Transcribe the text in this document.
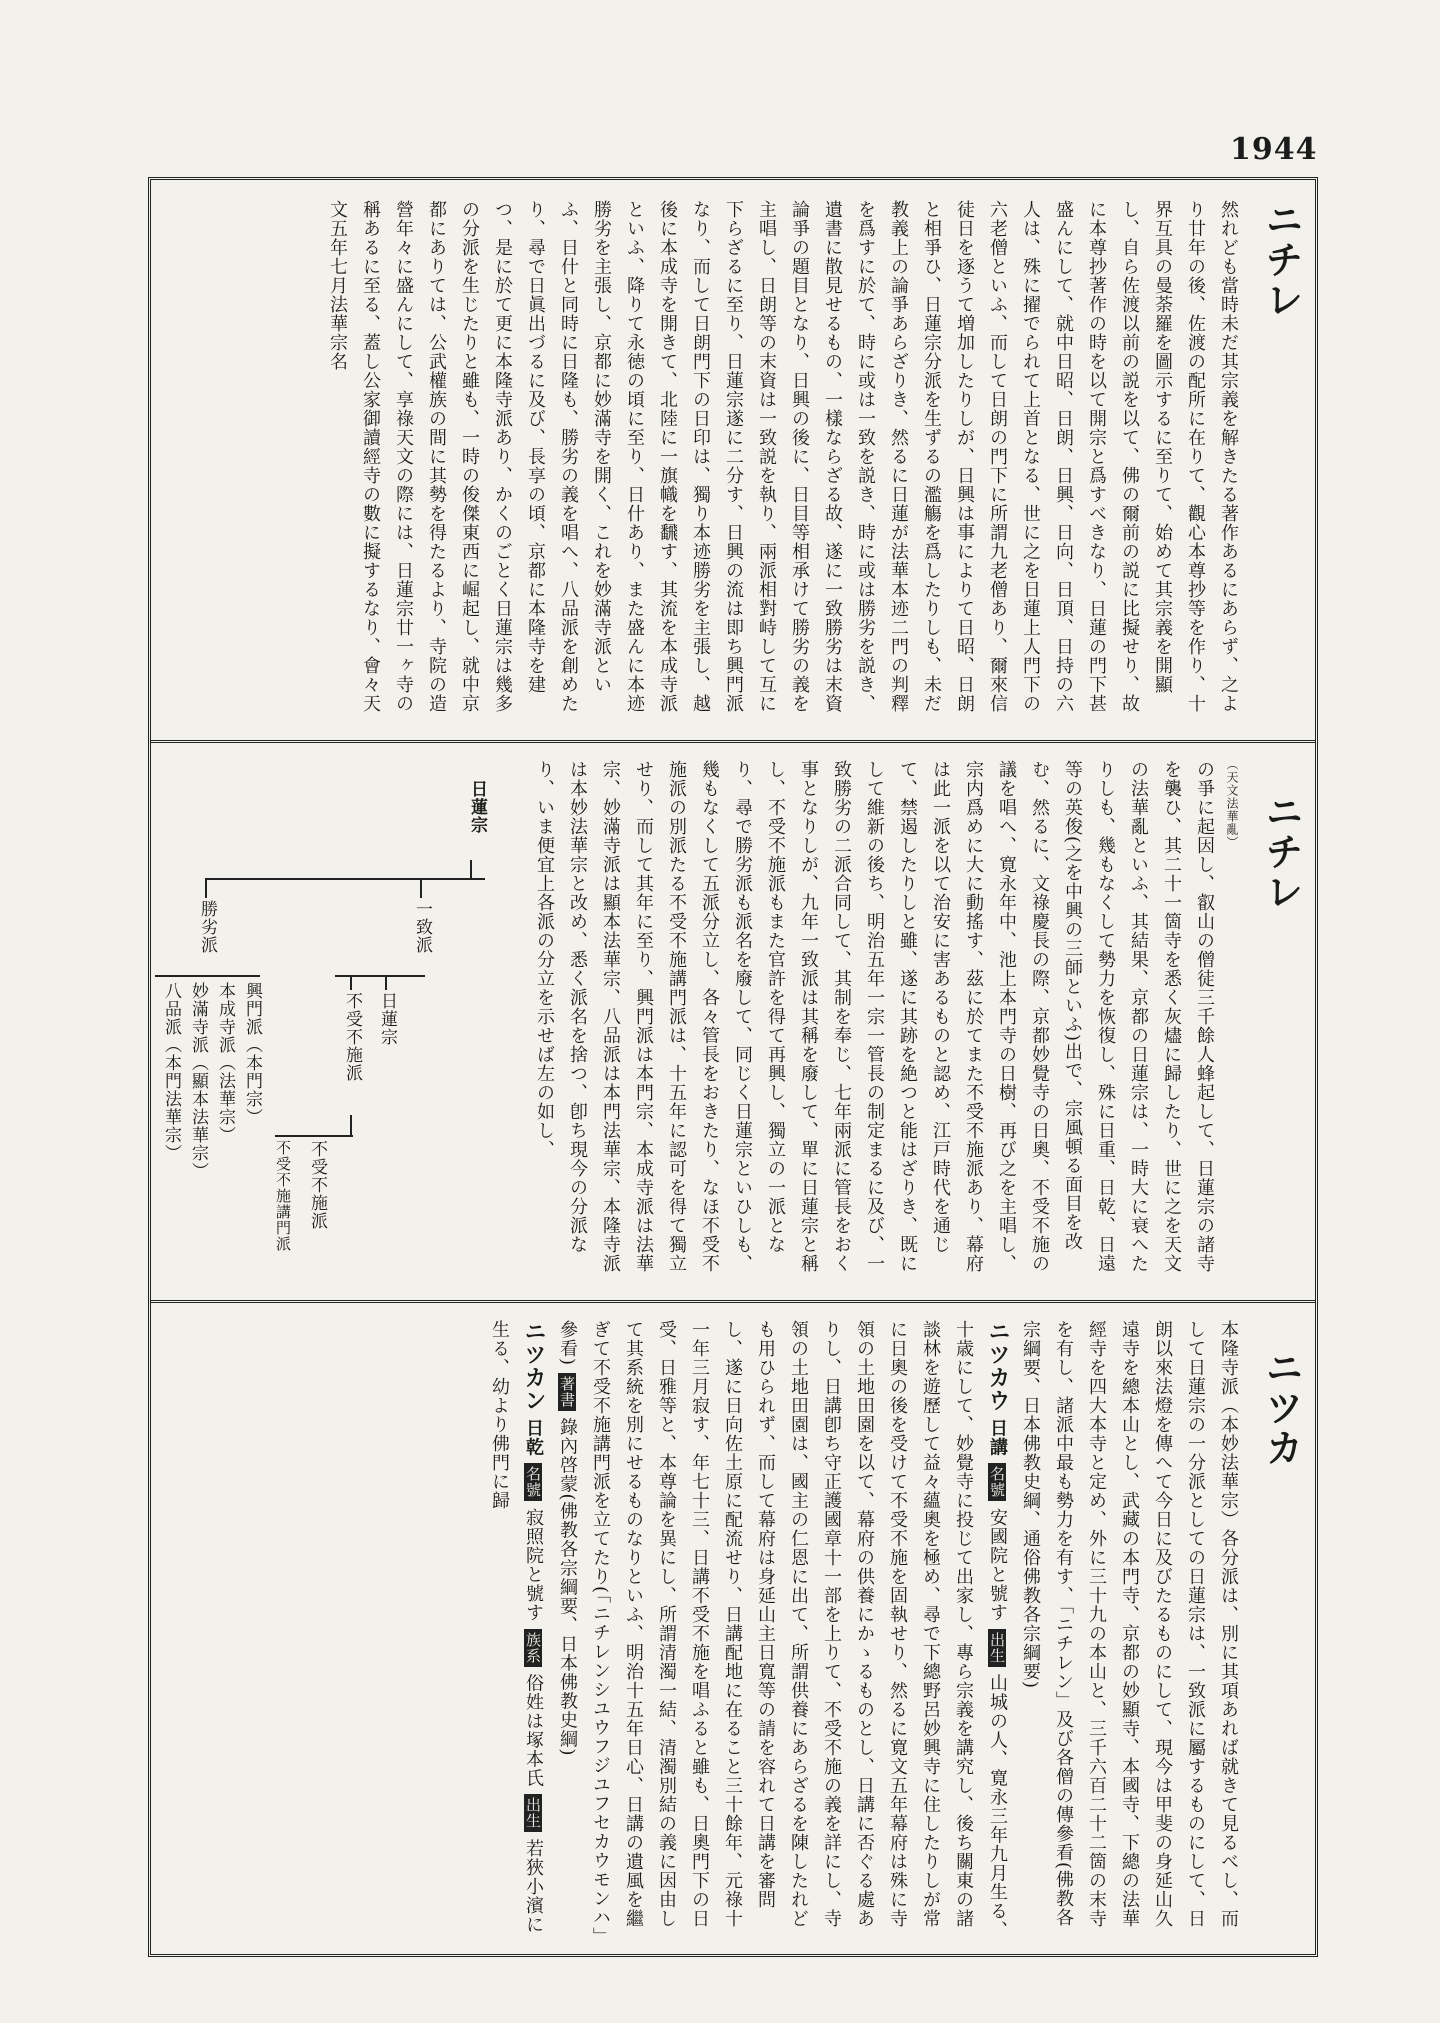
1944
ニチレ
ニチレ
ニツカ
然れども當時未だ其宗義を解きたる著作あるにあらず、之より廿年の後、佐渡の配所に在りて、觀心本尊抄等を作り、十界互具の曼荼羅を圖示するに至りて、始めて其宗義を開顯し、自ら佐渡以前の説を以て、佛の爾前の説に比擬せり、故に本尊抄著作の時を以て開宗と爲すべきなり、日蓮の門下甚盛んにして、就中日昭、日朗、日興、日向、日頂、日持の六人は、殊に擢でられて上首となる、世に之を日蓮上人門下の六老僧といふ、而して日朗の門下に所謂九老僧あり、爾來信徒日を逐うて増加したりしが、日興は事によりて日昭、日朗と相爭ひ、日蓮宗分派を生ずるの濫觴を爲したりしも、未だ教義上の論爭あらざりき、然るに日蓮が法華本迹二門の判釋を爲すに於て、時に或は一致を説き、時に或は勝劣を説き、遺書に散見せるもの、一樣ならざる故、遂に一致勝劣は末資論爭の題目となり、日興の後に、日目等相承けて勝劣の義を主唱し、日朗等の末資は一致説を執り、兩派相對峙して互に下らざるに至り、日蓮宗遂に二分す、日興の流は即ち興門派なり、而して日朗門下の日印は、獨り本迹勝劣を主張し、越後に本成寺を開きて、北陸に一旗幟を飜す、其流を本成寺派といふ、降りて永徳の頃に至り、日什あり、また盛んに本迹勝劣を主張し、京都に妙滿寺を開く、これを妙滿寺派といふ、日什と同時に日隆も、勝劣の義を唱へ、八品派を創めたり、尋で日眞出づるに及び、長享の頃、京都に本隆寺を建つ、是に於て更に本隆寺派あり、かくのごとく日蓮宗は幾多の分派を生じたりと雖も、一時の俊傑東西に崛起し、就中京都にありては、公武權族の間に其勢を得たるより、寺院の造營年々に盛んにして、享祿天文の際には、日蓮宗廿一ヶ寺の稱あるに至る、蓋し公家御讀經寺の數に擬するなり、會々天文五年七月法華宗名
（天文法華亂）
の爭に起因し、叡山の僧徒三千餘人蜂起して、日蓮宗の諸寺を襲ひ、其二十一箇寺を悉く灰燼に歸したり、世に之を天文の法華亂といふ、其結果、京都の日蓮宗は、一時大に衰へたりしも、幾もなくして勢力を恢復し、殊に日重、日乾、日遠等の英俊(之を中興の三師といふ)出で、宗風頓る面目を改む、然るに、文祿慶長の際、京都妙覺寺の日奧、不受不施の議を唱へ、寛永年中、池上本門寺の日樹、再び之を主唱し、宗内爲めに大に動搖す、茲に於てまた不受不施派あり、幕府は此一派を以て治安に害あるものと認め、江戸時代を通じて、禁遏したりしと雖、遂に其跡を絶つと能はざりき、既にして維新の後ち、明治五年一宗一管長の制定まるに及び、一致勝劣の二派合同して、其制を奉じ、七年兩派に管長をおく事となりしが、九年一致派は其稱を廢して、單に日蓮宗と稱し、不受不施派もまた官許を得て再興し、獨立の一派となり、尋で勝劣派も派名を廢して、同じく日蓮宗といひしも、幾もなくして五派分立し、各々管長をおきたり、なほ不受不施派の別派たる不受不施講門派は、十五年に認可を得て獨立せり、而して其年に至り、興門派は本門宗、本成寺派は法華宗、妙滿寺派は顯本法華宗、八品派は本門法華宗、本隆寺派は本妙法華宗と改め、悉く派名を捨つ、卽ち現今の分派なり、いま便宜上各派の分立を示せば左の如し、
日蓮宗
一致派
日蓮宗
不受不施派
不受不施派
不受不施講門派
勝劣派
興門派（本門宗）
本成寺派（法華宗）
妙滿寺派（顯本法華宗）
八品派（本門法華宗）
本隆寺派（本妙法華宗）各分派は、別に其項あれば就きて見るべし、而して日蓮宗の一分派としての日蓮宗は、一致派に屬するものにして、日朗以來法燈を傳へて今日に及びたるものにして、現今は甲斐の身延山久遠寺を總本山とし、武藏の本門寺、京都の妙顯寺、本國寺、下總の法華經寺を四大本寺と定め、外に三十九の本山と、三千六百二十二箇の末寺を有し、諸派中最も勢力を有す、「ニチレン」及び各僧の傳參看(佛教各宗綱要、日本佛教史綱、通俗佛教各宗綱要)
ニツカウ 日講 名號 安國院と號す 出生 山城の人、寛永三年九月生る、十歳にして、妙覺寺に投じて出家し、專ら宗義を講究し、後ち關東の諸談林を遊歷して益々蘊奧を極め、尋で下總野呂妙興寺に住したりしが常に日奧の後を受けて不受不施を固執せり、然るに寛文五年幕府は殊に寺領の土地田園を以て、幕府の供養にかゝるものとし、日講に否ぐる處ありし、日講卽ち守正護國章十一部を上りて、不受不施の義を詳にし、寺領の土地田園は、國主の仁恩に出て、所謂供養にあらざるを陳したれども用ひられず、而して幕府は身延山主日寬等の請を容れて日講を審問し、遂に日向佐土原に配流せり、日講配地に在ること三十餘年、元祿十一年三月寂す、年七十三、日講不受不施を唱ふると雖も、日奧門下の日受、日雅等と、本尊論を異にし、所謂清濁一結、清濁別結の義に因由して其系統を別にせるものなりといふ、明治十五年日心、日講の遺風を繼ぎて不受不施講門派を立てたり(「ニチレンシユウフジユフセカウモンハ」參看) 著書 錄內啓蒙(佛教各宗綱要、日本佛教史綱)
ニツカン 日乾 名號 寂照院と號す 族系 俗姓は塚本氏 出生 若狹小濱に生る、幼より佛門に歸
